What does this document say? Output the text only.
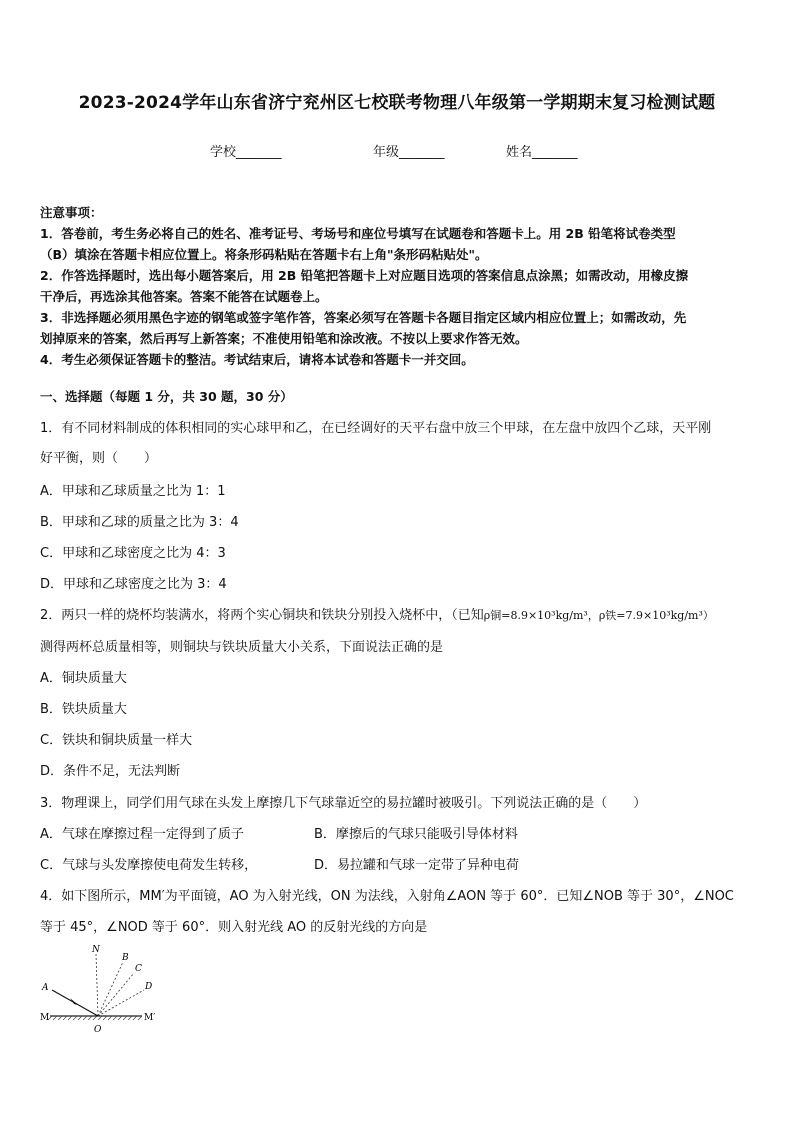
2023-2024学年山东省济宁兖州区七校联考物理八年级第一学期期末复习检测试题
学校_______	年级_______	姓名_______
注意事项：
1．答卷前，考生务必将自己的姓名、准考证号、考场号和座位号填写在试题卷和答题卡上。用 2B 铅笔将试卷类型
（B）填涂在答题卡相应位置上。将条形码粘贴在答题卡右上角"条形码粘贴处"。
2．作答选择题时，选出每小题答案后，用 2B 铅笔把答题卡上对应题目选项的答案信息点涂黑；如需改动，用橡皮擦
干净后，再选涂其他答案。答案不能答在试题卷上。
3．非选择题必须用黑色字迹的钢笔或签字笔作答，答案必须写在答题卡各题目指定区域内相应位置上；如需改动，先
划掉原来的答案，然后再写上新答案；不准使用铅笔和涂改液。不按以上要求作答无效。
4．考生必须保证答题卡的整洁。考试结束后，请将本试卷和答题卡一并交回。
一、选择题（每题 1 分，共 30 题，30 分）
1．有不同材料制成的体积相同的实心球甲和乙，在已经调好的天平右盘中放三个甲球，在左盘中放四个乙球，天平刚
好平衡，则（　　）
A．甲球和乙球质量之比为 1：1
B．甲球和乙球的质量之比为 3：4
C．甲球和乙球密度之比为 4：3
D．甲球和乙球密度之比为 3：4
2．两只一样的烧杯均装满水，将两个实心铜块和铁块分别投入烧杯中，（已知ρ铜=8.9×10³kg/m³，ρ铁=7.9×10³kg/m³）
测得两杯总质量相等，则铜块与铁块质量大小关系，下面说法正确的是
A．铜块质量大
B．铁块质量大
C．铁块和铜块质量一样大
D．条件不足，无法判断
3．物理课上，同学们用气球在头发上摩擦几下气球靠近空的易拉罐时被吸引。下列说法正确的是（　　）
A．气球在摩擦过程一定得到了质子	B．摩擦后的气球只能吸引导体材料
C．气球与头发摩擦使电荷发生转移，	D．易拉罐和气球一定带了异种电荷
4．如下图所示，MM′为平面镜，AO 为入射光线，ON 为法线，入射角∠AON 等于 60°．已知∠NOB 等于 30°，∠NOC
等于 45°，∠NOD 等于 60°．则入射光线 AO 的反射光线的方向是
N
B
C
D
A
M	M′
O
